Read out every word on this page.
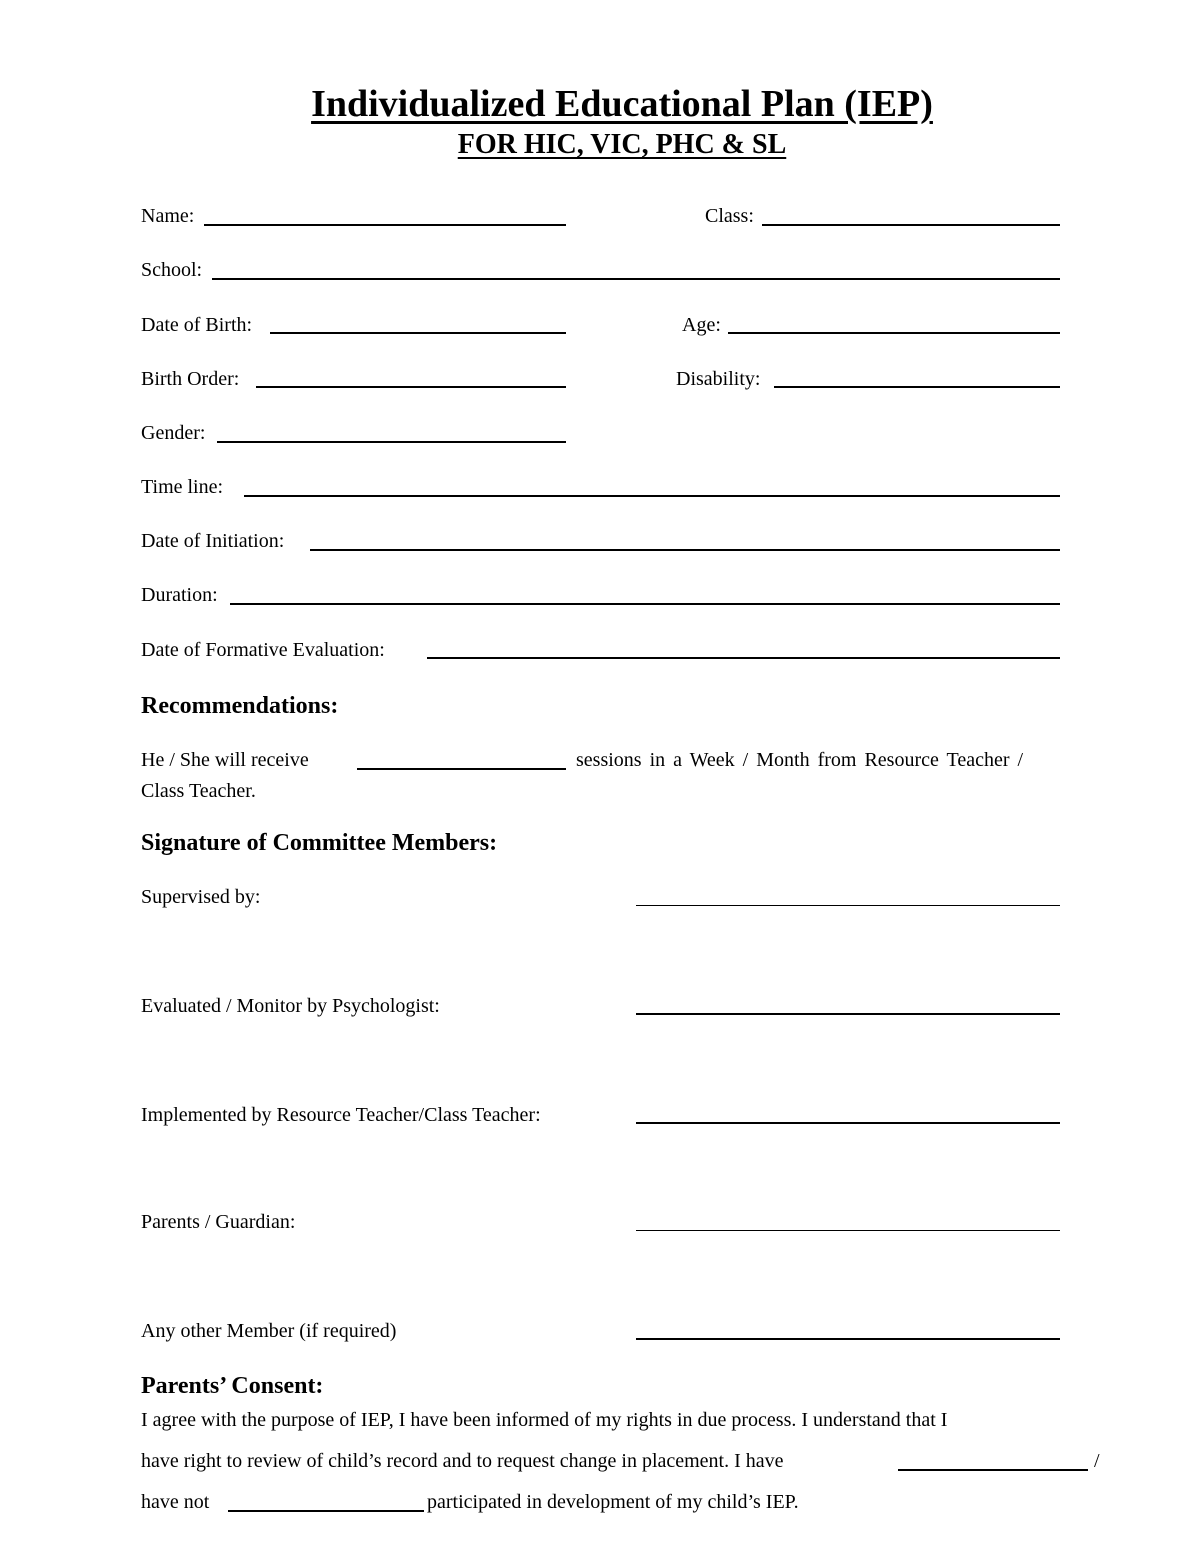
Individualized Educational Plan (IEP)
FOR HIC, VIC, PHC & SL
Name:	Class:
School:
Date of Birth:	Age:
Birth Order:	Disability:
Gender:
Time line:
Date of Initiation:
Duration:
Date of Formative Evaluation:
Recommendations:
He / She will receive	sessions in a Week / Month from Resource Teacher /
Class Teacher.
Signature of Committee Members:
Supervised by:
Evaluated / Monitor by Psychologist:
Implemented by Resource Teacher/Class Teacher:
Parents / Guardian:
Any other Member (if required)
Parents’ Consent:
I agree with the purpose of IEP, I have been informed of my rights in due process. I understand that I
have right to review of child’s record and to request change in placement. I have	/
have not	participated in development of my child’s IEP.
